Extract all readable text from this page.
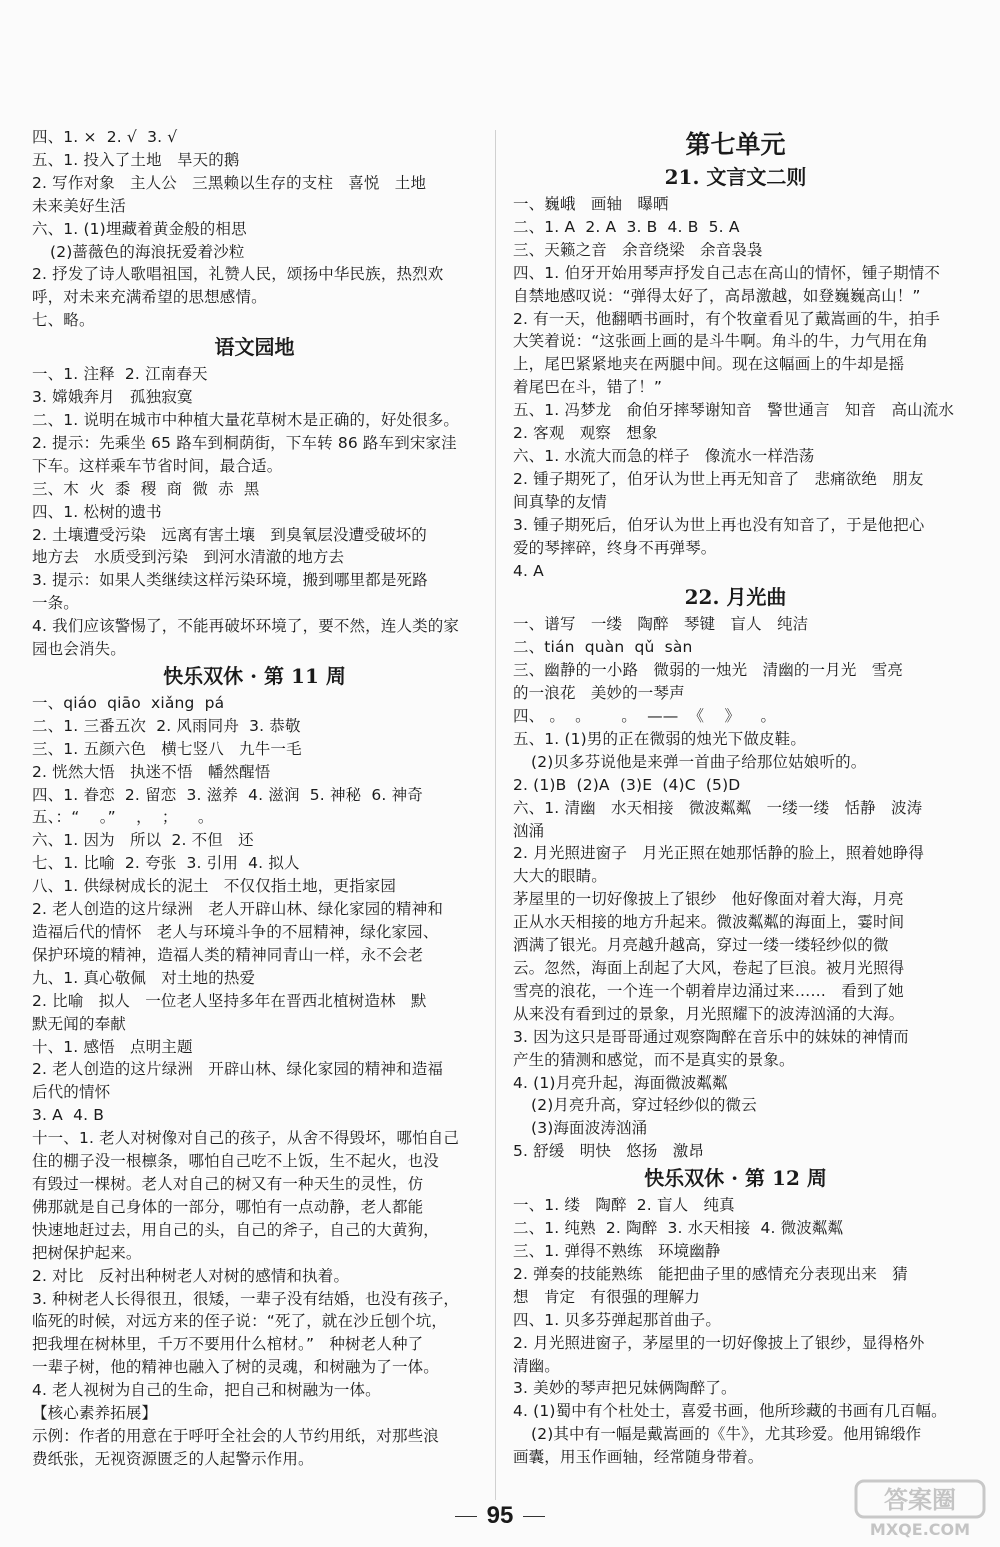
四、1. ×  2. √  3. √
五、1. 投入了土地   旱天的鹅
2. 写作对象   主人公   三黑赖以生存的支柱   喜悦   土地
未来美好生活
六、1. (1)埋藏着黄金般的相思
(2)蔷薇色的海浪抚爱着沙粒
2. 抒发了诗人歌唱祖国，礼赞人民，颂扬中华民族，热烈欢
呼，对未来充满希望的思想感情。
七、略。
语文园地
一、1. 注释  2. 江南春天
3. 嫦娥奔月   孤独寂寞
二、1. 说明在城市中种植大量花草树木是正确的，好处很多。
2. 提示：先乘坐 65 路车到桐荫街，下车转 86 路车到宋家洼
下车。这样乘车节省时间，最合适。
三、木  火  黍  稷  商  微  赤  黑
四、1. 松树的遗书
2. 土壤遭受污染   远离有害土壤   到臭氧层没遭受破坏的
地方去   水质受到污染   到河水清澈的地方去
3. 提示：如果人类继续这样污染环境，搬到哪里都是死路
一条。
4. 我们应该警惕了，不能再破坏环境了，要不然，连人类的家
园也会消失。
快乐双休 · 第 11 周
一、qiáo  qiāo  xiǎng  pá
二、1. 三番五次  2. 风雨同舟  3. 恭敬
三、1. 五颜六色   横七竖八   九牛一毛
2. 恍然大悟   执迷不悟   幡然醒悟
四、1. 眷恋  2. 留恋  3. 滋养  4. 滋润  5. 神秘  6. 神奇
五、：“    。”    ，  ；    。
六、1. 因为   所以  2. 不但   还
七、1. 比喻  2. 夸张  3. 引用  4. 拟人
八、1. 供绿树成长的泥土   不仅仅指土地，更指家园
2. 老人创造的这片绿洲   老人开辟山林、绿化家园的精神和
造福后代的情怀   老人与环境斗争的不屈精神，绿化家园、
保护环境的精神，造福人类的精神同青山一样，永不会老
九、1. 真心敬佩   对土地的热爱
2. 比喻   拟人   一位老人坚持多年在晋西北植树造林   默
默无闻的奉献
十、1. 感悟   点明主题
2. 老人创造的这片绿洲   开辟山林、绿化家园的精神和造福
后代的情怀
3. A  4. B
十一、1. 老人对树像对自己的孩子，从舍不得毁坏，哪怕自己
住的棚子没一根檩条，哪怕自己吃不上饭，生不起火，也没
有毁过一棵树。老人对自己的树又有一种天生的灵性，仿
佛那就是自己身体的一部分，哪怕有一点动静，老人都能
快速地赶过去，用自己的头，自己的斧子，自己的大黄狗，
把树保护起来。
2. 对比   反衬出种树老人对树的感情和执着。
3. 种树老人长得很丑，很矮，一辈子没有结婚，也没有孩子，
临死的时候，对远方来的侄子说：“死了，就在沙丘刨个坑，
把我埋在树林里，千万不要用什么棺材。”   种树老人种了
一辈子树，他的精神也融入了树的灵魂，和树融为了一体。
4. 老人视树为自己的生命，把自己和树融为一体。
【核心素养拓展】
示例：作者的用意在于呼吁全社会的人节约用纸，对那些浪
费纸张，无视资源匮乏的人起警示作用。
第七单元
21. 文言文二则
一、巍峨   画轴   曝晒
二、1. A  2. A  3. B  4. B  5. A
三、天籁之音   余音绕梁   余音袅袅
四、1. 伯牙开始用琴声抒发自己志在高山的情怀，锺子期情不
自禁地感叹说：“弹得太好了，高昂激越，如登巍巍高山！”
2. 有一天，他翻晒书画时，有个牧童看见了戴嵩画的牛，拍手
大笑着说：“这张画上画的是斗牛啊。角斗的牛，力气用在角
上，尾巴紧紧地夹在两腿中间。现在这幅画上的牛却是摇
着尾巴在斗，错了！”
五、1. 冯梦龙   俞伯牙摔琴谢知音   警世通言   知音   高山流水
2. 客观   观察   想象
六、1. 水流大而急的样子   像流水一样浩荡
2. 锺子期死了，伯牙认为世上再无知音了   悲痛欲绝   朋友
间真挚的友情
3. 锺子期死后，伯牙认为世上再也没有知音了，于是他把心
爱的琴摔碎，终身不再弹琴。
4. A
22. 月光曲
一、谱写   一缕   陶醉   琴键   盲人   纯洁
二、tián  quàn  qǔ  sàn
三、幽静的一小路   微弱的一烛光   清幽的一月光   雪亮
的一浪花   美妙的一琴声
四、 。  。      。  ——  《    》    。
五、1. (1)男的正在微弱的烛光下做皮鞋。
(2)贝多芬说他是来弹一首曲子给那位姑娘听的。
2. (1)B  (2)A  (3)E  (4)C  (5)D
六、1. 清幽   水天相接   微波粼粼   一缕一缕   恬静   波涛
汹涌
2. 月光照进窗子   月光正照在她那恬静的脸上，照着她睁得
大大的眼睛。
茅屋里的一切好像披上了银纱   他好像面对着大海，月亮
正从水天相接的地方升起来。微波粼粼的海面上，霎时间
洒满了银光。月亮越升越高，穿过一缕一缕轻纱似的微
云。忽然，海面上刮起了大风，卷起了巨浪。被月光照得
雪亮的浪花，一个连一个朝着岸边涌过来……   看到了她
从来没有看到过的景象，月光照耀下的波涛汹涌的大海。
3. 因为这只是哥哥通过观察陶醉在音乐中的妹妹的神情而
产生的猜测和感觉，而不是真实的景象。
4. (1)月亮升起，海面微波粼粼
(2)月亮升高，穿过轻纱似的微云
(3)海面波涛汹涌
5. 舒缓   明快   悠扬   激昂
快乐双休 · 第 12 周
一、1. 缕   陶醉  2. 盲人   纯真
二、1. 纯熟  2. 陶醉  3. 水天相接  4. 微波粼粼
三、1. 弹得不熟练   环境幽静
2. 弹奏的技能熟练   能把曲子里的感情充分表现出来   猜
想   肯定   有很强的理解力
四、1. 贝多芬弹起那首曲子。
2. 月光照进窗子，茅屋里的一切好像披上了银纱，显得格外
清幽。
3. 美妙的琴声把兄妹俩陶醉了。
4. (1)蜀中有个杜处士，喜爱书画，他所珍藏的书画有几百幅。
(2)其中有一幅是戴嵩画的《牛》，尤其珍爱。他用锦缎作
画囊，用玉作画轴，经常随身带着。
95
答案圈
MXQE.COM
